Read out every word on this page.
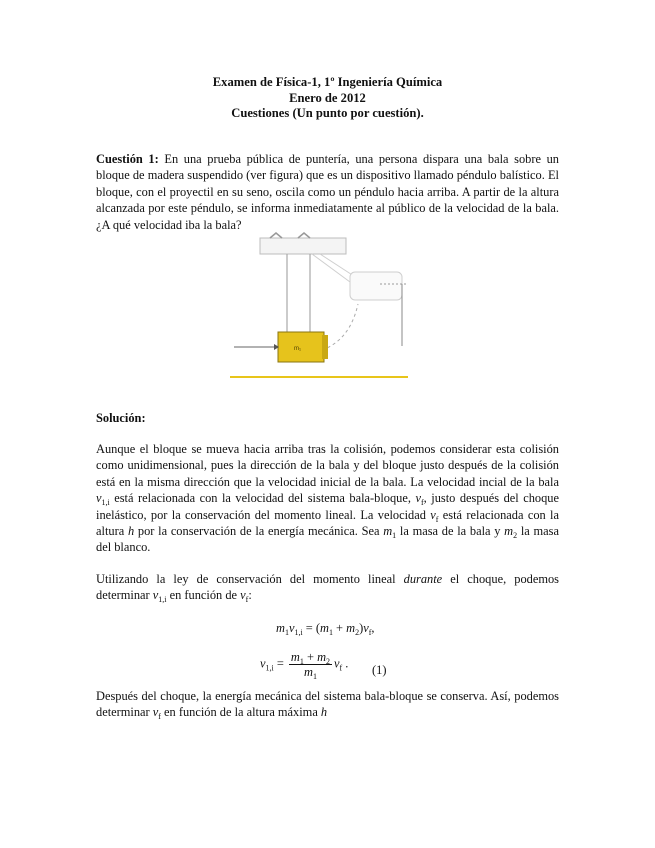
Examen de Física-1, 1º Ingeniería Química
Enero de 2012
Cuestiones (Un punto por cuestión).
Cuestión 1: En una prueba pública de puntería, una persona dispara una bala sobre un bloque de madera suspendido (ver figura) que es un dispositivo llamado péndulo balístico. El bloque, con el proyectil en su seno, oscila como un péndulo hacia arriba. A partir de la altura alcanzada por este péndulo, se informa inmediatamente al público de la velocidad de la bala. ¿A qué velocidad iba la bala?
m₁
Solución:
Aunque el bloque se mueva hacia arriba tras la colisión, podemos considerar esta colisión como unidimensional, pues la dirección de la bala y del bloque justo después de la colisión está en la misma dirección que la velocidad inicial de la bala. La velocidad incial de la bala $v_{1,i}$ está relacionada con la velocidad del sistema bala-bloque, $v_f$, justo después del choque inelástico, por la conservación del momento lineal. La velocidad $v_f$ está relacionada con la altura h por la conservación de la energía mecánica. Sea $m_1$ la masa de la bala y $m_2$ la masa del blanco.
Utilizando la ley de conservación del momento lineal durante el choque, podemos determinar $v_{1,i}$ en función de $v_f$:
$m_1v_{1,i} = (m_1 + m_2)v_f$,
$v_{1,i} = \frac{m_1 + m_2}{m_1} v_f$ . (1)
Después del choque, la energía mecánica del sistema bala-bloque se conserva. Así, podemos determinar $v_f$ en función de la altura máxima h
